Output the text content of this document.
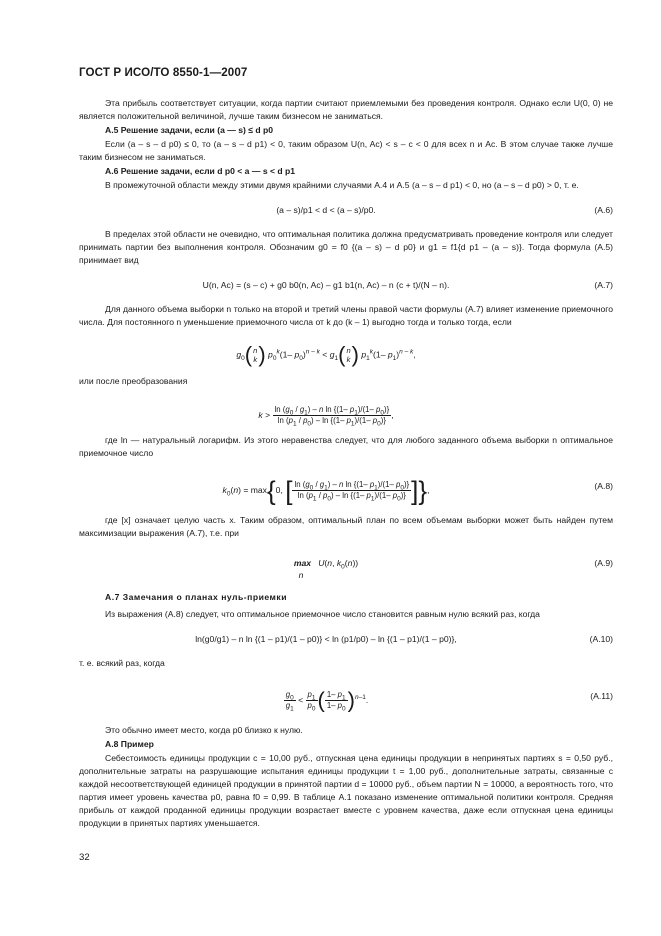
ГОСТ Р ИСО/ТО 8550-1—2007

Эта прибыль соответствует ситуации, когда партии считают приемлемыми без проведения контроля. Однако если U(0, 0) не является положительной величиной, лучше таким бизнесом не заниматься.

А.5 Решение задачи, если (a — s) ≤ d p0

Если (a – s – d p0) ≤ 0, то (a – s – d p1) < 0, таким образом U(n, Ac) < s – c < 0 для всех n и Ac. В этом случае также лучше таким бизнесом не заниматься.

А.6 Решение задачи, если d p0 < a — s < d p1

В промежуточной области между этими двумя крайними случаями А.4 и А.5 (a – s – d p1) < 0, но (a – s – d p0) > 0, т. е.

(a – s)/p1 < d < (a – s)/p0.	(А.6)

В пределах этой области не очевидно, что оптимальная политика должна предусматривать проведение контроля или следует принимать партии без выполнения контроля. Обозначим g0 = f0 {(a – s) – d p0} и g1 = f1{d p1 – (a – s)}. Тогда формула (А.5) принимает вид

U(n, Ac) = (s – c) + g0 b0(n, Ac) – g1 b1(n, Ac) – n (c + t)/(N – n).	(А.7)

Для данного объема выборки n только на второй и третий члены правой части формулы (А.7) влияет изменение приемочного числа. Для постоянного n уменьшение приемочного числа от k до (k – 1) выгодно тогда и только тогда, если

$g_0(n$
k) $p_0^k(1-$ $p_0)^{n - k} < g_1(n$
k) $p_1^k(1-$ $p_1)^{n - k}$,

или после преобразования

$k > \frac{\ln (g_0 / g_1) - n \ln \{(1- p_1)/(1- p_0)\}}{\ln (p_1 / p_0) - \ln \{(1- p_1)/(1- p_0)\}}$ ,

где ln — натуральный логарифм. Из этого неравенства следует, что для любого заданного объема выборки n оптимальное приемочное число

$k_0(n) = \max\{0$, [ $\frac{\ln (g_0 / g_1) - n \ln \{(1- p_1)/(1- p_0)\}}{\ln (p_1 / p_0) - \ln \{(1- p_1)/(1- p_0)\}}$ ]},	(А.8)

где [x] означает целую часть x. Таким образом, оптимальный план по всем объемам выборки может быть найден путем максимизации выражения (А.7), т.е. при

max U(n, $k_0(n)$)
n
(А.9)

А.7 Замечания о планах нуль-приемки

Из выражения (А.8) следует, что оптимальное приемочное число становится равным нулю всякий раз, когда

ln(g0/g1) – n ln {(1 – p1)/(1 – p0)} < ln (p1/p0) – ln {(1 – p1)/(1 – p0)},	(А.10)

т. е. всякий раз, когда

$\frac{g_0}{g_1} < \frac{p_1}{p_0}$ ( $\frac{1- p_1}{1- p_0} )^{n-1}$.	(А.11)

Это обычно имеет место, когда p0 близко к нулю.

А.8 Пример

Себестоимость единицы продукции c = 10,00 руб., отпускная цена единицы продукции в непринятых партиях s = 0,50 руб., дополнительные затраты на разрушающие испытания единицы продукции t = 1,00 руб., дополнительные затраты, связанные с каждой несоответствующей единицей продукции в принятой партии d = 10000 руб., объем партии N = 10000, а вероятность того, что партия имеет уровень качества p0, равна f0 = 0,99. В таблице А.1 показано изменение оптимальной политики контроля. Средняя прибыль от каждой проданной единицы продукции возрастает вместе с уровнем качества, даже если отпускная цена единицы продукции в принятых партиях уменьшается.

32
